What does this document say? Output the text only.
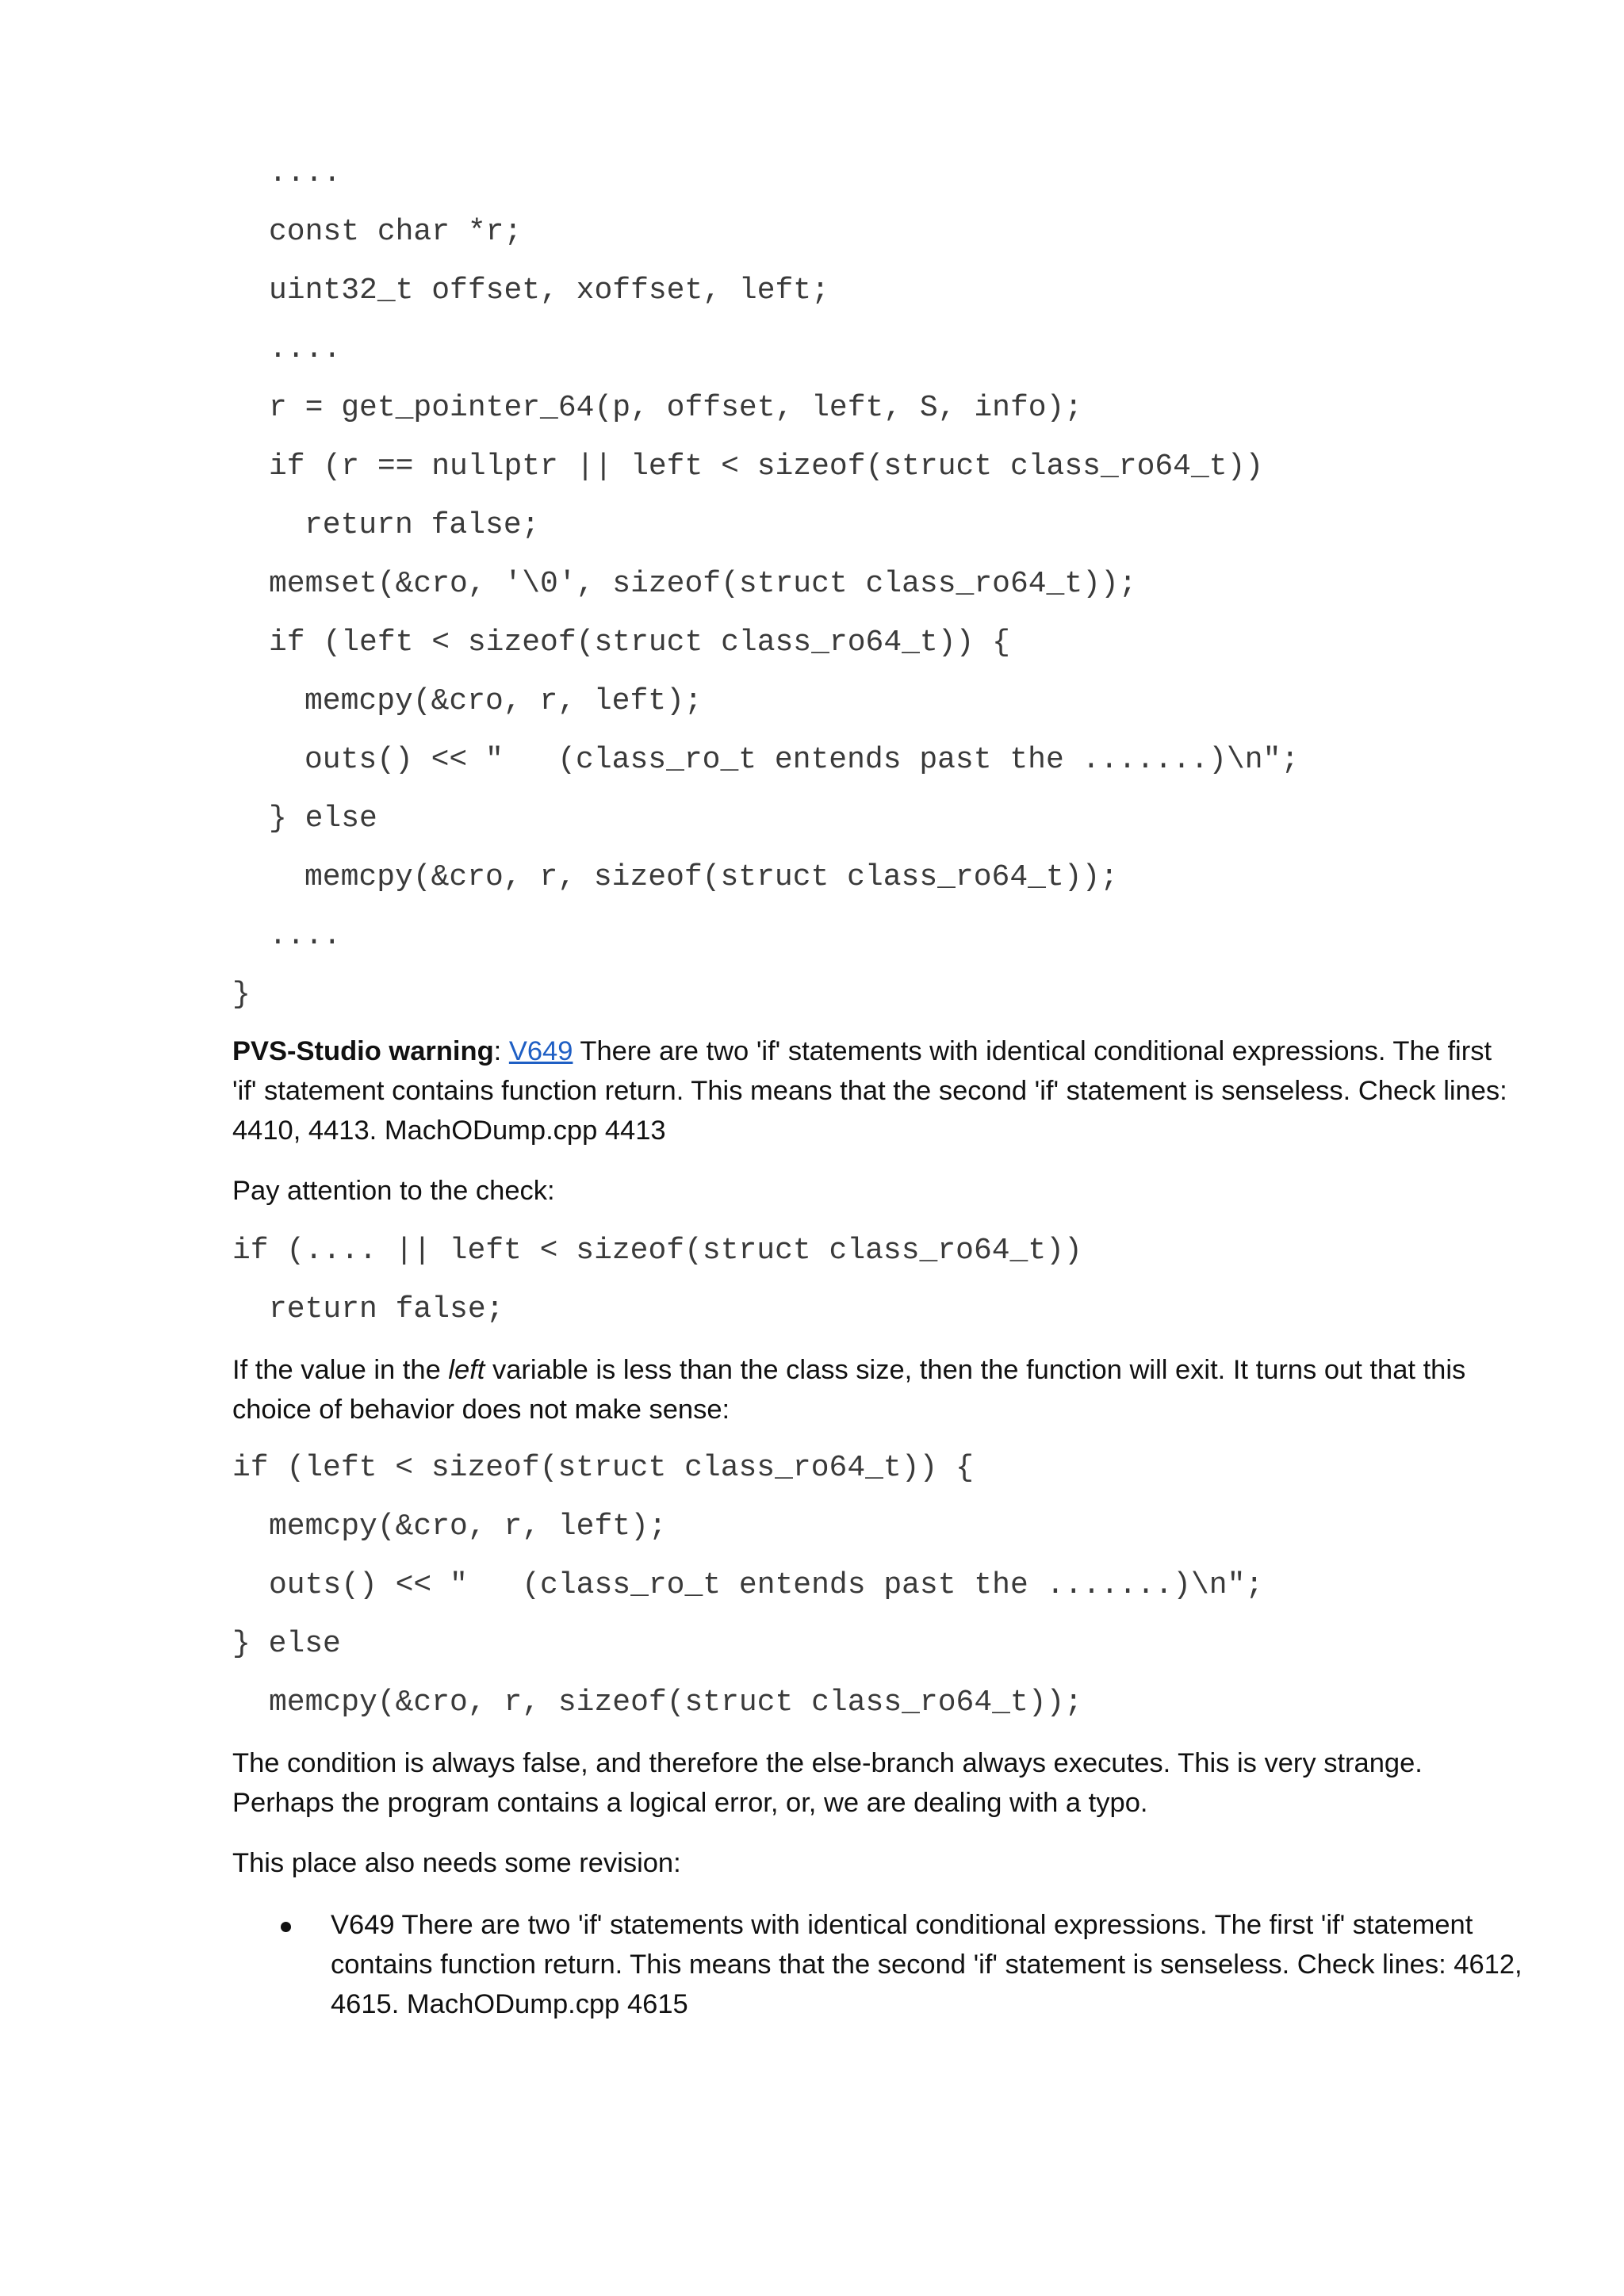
....
const char *r;
uint32_t offset, xoffset, left;
....
r = get_pointer_64(p, offset, left, S, info);
if (r == nullptr || left < sizeof(struct class_ro64_t))
return false;
memset(&cro, '\0', sizeof(struct class_ro64_t));
if (left < sizeof(struct class_ro64_t)) {
memcpy(&cro, r, left);
outs() << "   (class_ro_t entends past the .......)\n";
} else
memcpy(&cro, r, sizeof(struct class_ro64_t));
....
}

PVS-Studio warning: V649 There are two 'if' statements with identical conditional expressions. The first 'if' statement contains function return. This means that the second 'if' statement is senseless. Check lines: 4410, 4413. MachODump.cpp 4413

Pay attention to the check:

if (.... || left < sizeof(struct class_ro64_t))
return false;

If the value in the left variable is less than the class size, then the function will exit. It turns out that this choice of behavior does not make sense:

if (left < sizeof(struct class_ro64_t)) {
memcpy(&cro, r, left);
outs() << "   (class_ro_t entends past the .......)\n";
} else
memcpy(&cro, r, sizeof(struct class_ro64_t));

The condition is always false, and therefore the else-branch always executes. This is very strange. Perhaps the program contains a logical error, or, we are dealing with a typo.

This place also needs some revision:

V649 There are two 'if' statements with identical conditional expressions. The first 'if' statement contains function return. This means that the second 'if' statement is senseless. Check lines: 4612, 4615. MachODump.cpp 4615
